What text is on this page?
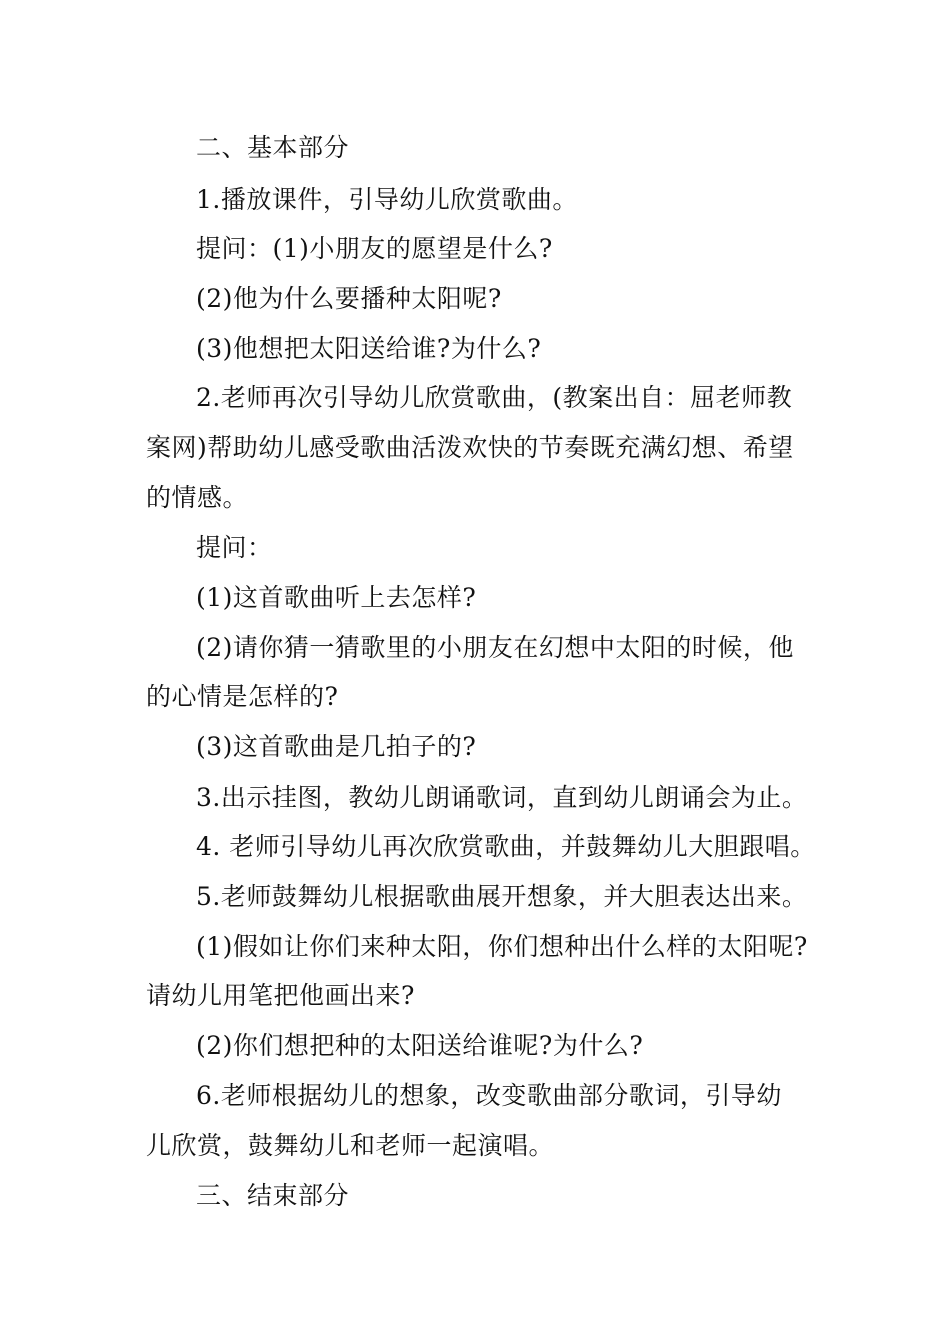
二、基本部分
1.播放课件，引导幼儿欣赏歌曲。
提问：(1)小朋友的愿望是什么?
(2)他为什么要播种太阳呢?
(3)他想把太阳送给谁?为什么?
2.老师再次引导幼儿欣赏歌曲，(教案出自：屈老师教
案网)帮助幼儿感受歌曲活泼欢快的节奏既充满幻想、希望
的情感。
提问：
(1)这首歌曲听上去怎样?
(2)请你猜一猜歌里的小朋友在幻想中太阳的时候，他
的心情是怎样的?
(3)这首歌曲是几拍子的?
3.出示挂图，教幼儿朗诵歌词，直到幼儿朗诵会为止。
4. 老师引导幼儿再次欣赏歌曲，并鼓舞幼儿大胆跟唱。
5.老师鼓舞幼儿根据歌曲展开想象，并大胆表达出来。
(1)假如让你们来种太阳，你们想种出什么样的太阳呢?
请幼儿用笔把他画出来?
(2)你们想把种的太阳送给谁呢?为什么?
6.老师根据幼儿的想象，改变歌曲部分歌词，引导幼
儿欣赏，鼓舞幼儿和老师一起演唱。
三、结束部分
